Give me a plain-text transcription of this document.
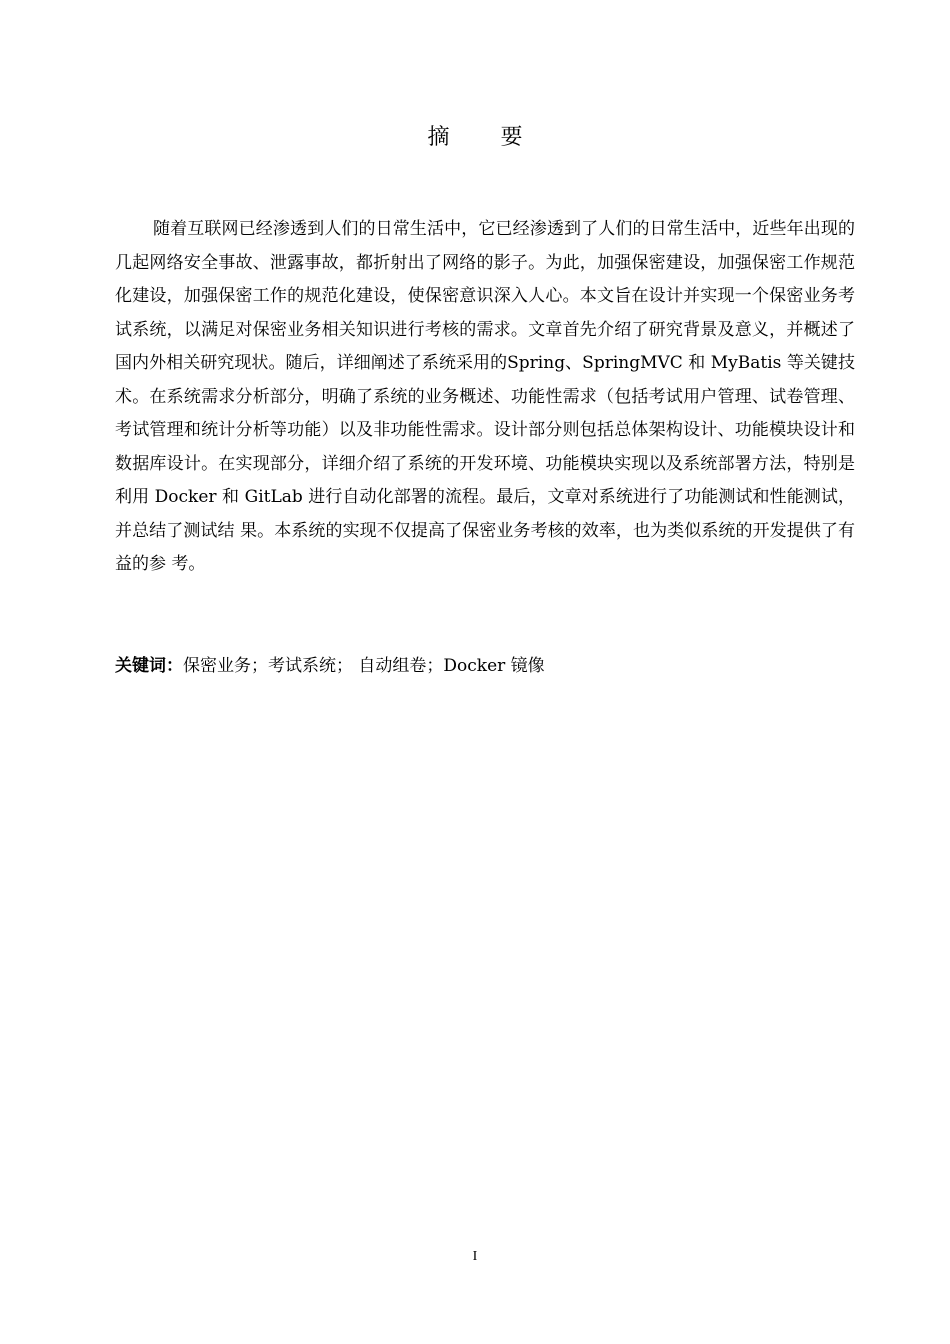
摘 要

随着互联网已经渗透到人们的日常生活中，它已经渗透到了人们的日常生活中，近些年出现的几起网络安全事故、泄露事故，都折射出了网络的影子。为此，加强保密建设，加强保密工作规范化建设，加强保密工作的规范化建设，使保密意识深入人心。本文旨在设计并实现一个保密业务考试系统，以满足对保密业务相关知识进行考核的需求。文章首先介绍了研究背景及意义，并概述了国内外相关研究现状。随后，详细阐述了系统采用的Spring、SpringMVC 和 MyBatis 等关键技术。在系统需求分析部分，明确了系统的业务概述、功能性需求（包括考试用户管理、试卷管理、考试管理和统计分析等功能）以及非功能性需求。设计部分则包括总体架构设计、功能模块设计和数据库设计。在实现部分，详细介绍了系统的开发环境、功能模块实现以及系统部署方法，特别是利用 Docker 和 GitLab 进行自动化部署的流程。最后，文章对系统进行了功能测试和性能测试，并总结了测试结 果。本系统的实现不仅提高了保密业务考核的效率，也为类似系统的开发提供了有益的参 考。

关键词：保密业务；考试系统； 自动组卷；Docker 镜像
I
